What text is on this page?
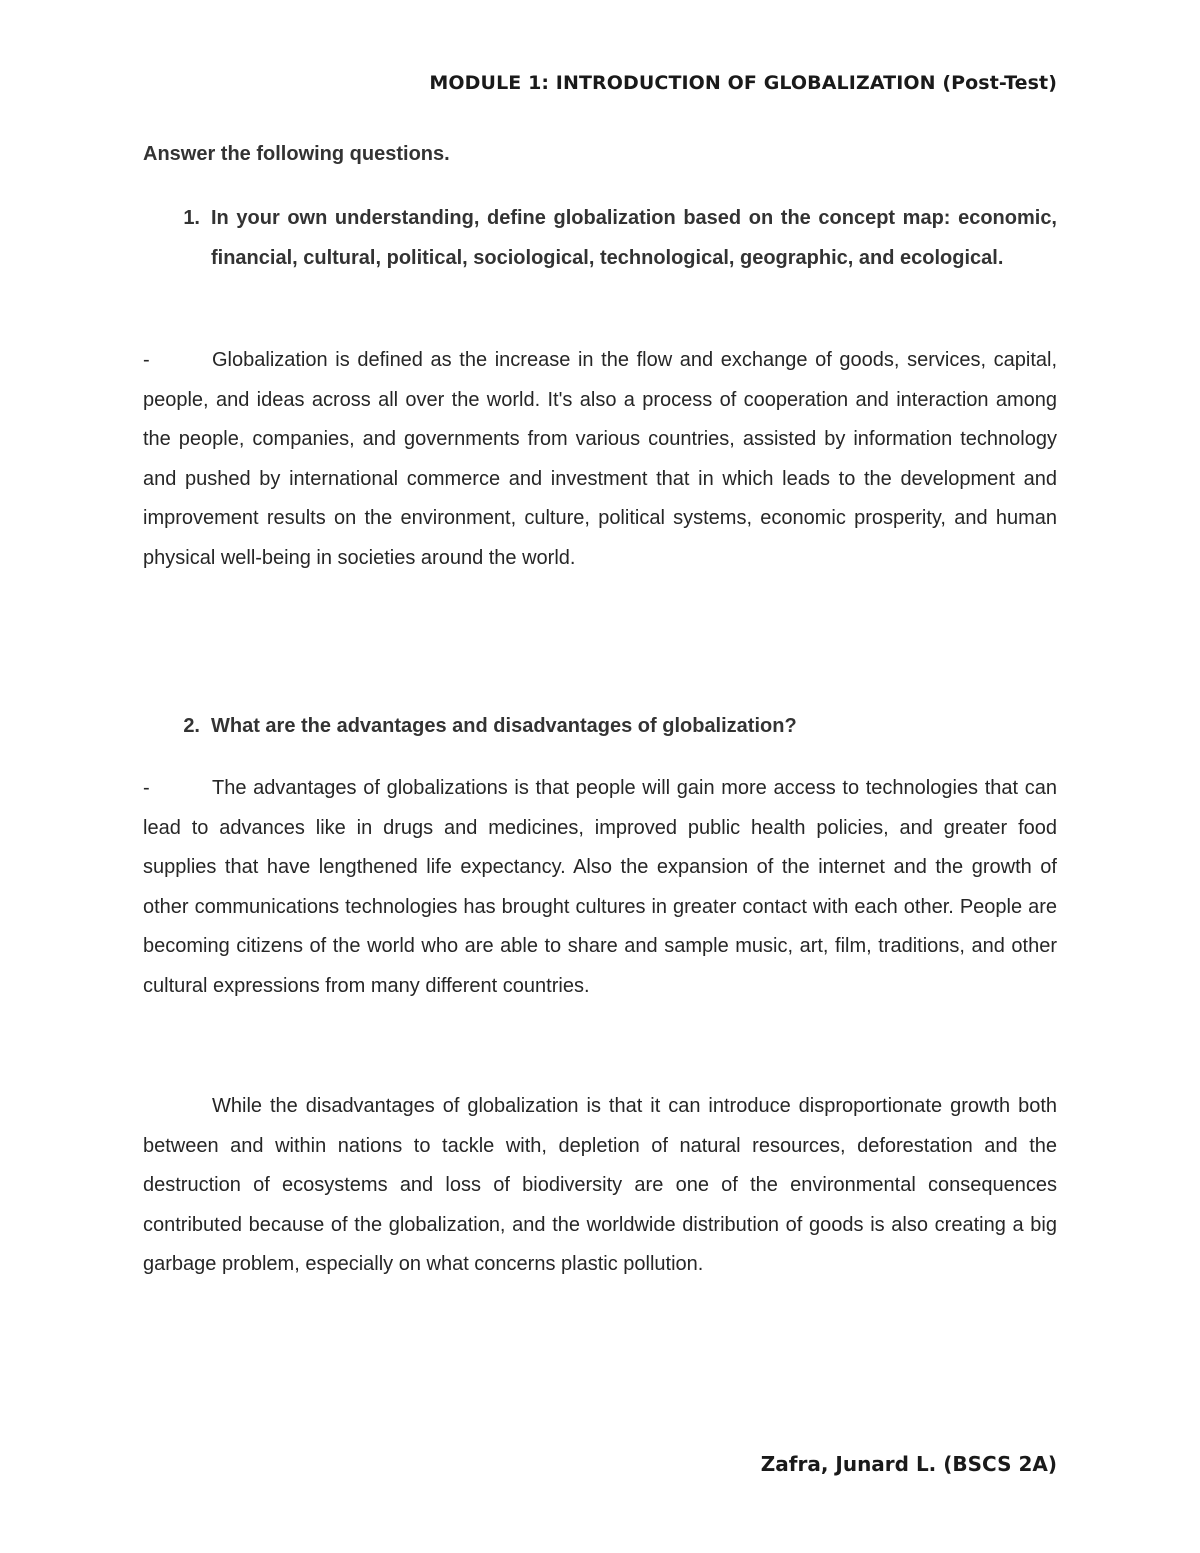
MODULE 1: INTRODUCTION OF GLOBALIZATION (Post-Test)
Answer the following questions.
1. In your own understanding, define globalization based on the concept map: economic, financial, cultural, political, sociological, technological, geographic, and ecological.
-	Globalization is defined as the increase in the flow and exchange of goods, services, capital, people, and ideas across all over the world. It's also a process of cooperation and interaction among the people, companies, and governments from various countries, assisted by information technology and pushed by international commerce and investment that in which leads to the development and improvement results on the environment, culture, political systems, economic prosperity, and human physical well-being in societies around the world.
2. What are the advantages and disadvantages of globalization?
-	The advantages of globalizations is that people will gain more access to technologies that can lead to advances like in drugs and medicines, improved public health policies, and greater food supplies that have lengthened life expectancy. Also the expansion of the internet and the growth of other communications technologies has brought cultures in greater contact with each other. People are becoming citizens of the world who are able to share and sample music, art, film, traditions, and other cultural expressions from many different countries.
While the disadvantages of globalization is that it can introduce disproportionate growth both between and within nations to tackle with, depletion of natural resources, deforestation and the destruction of ecosystems and loss of biodiversity are one of the environmental consequences contributed because of the globalization, and the worldwide distribution of goods is also creating a big garbage problem, especially on what concerns plastic pollution.
Zafra, Junard L. (BSCS 2A)
